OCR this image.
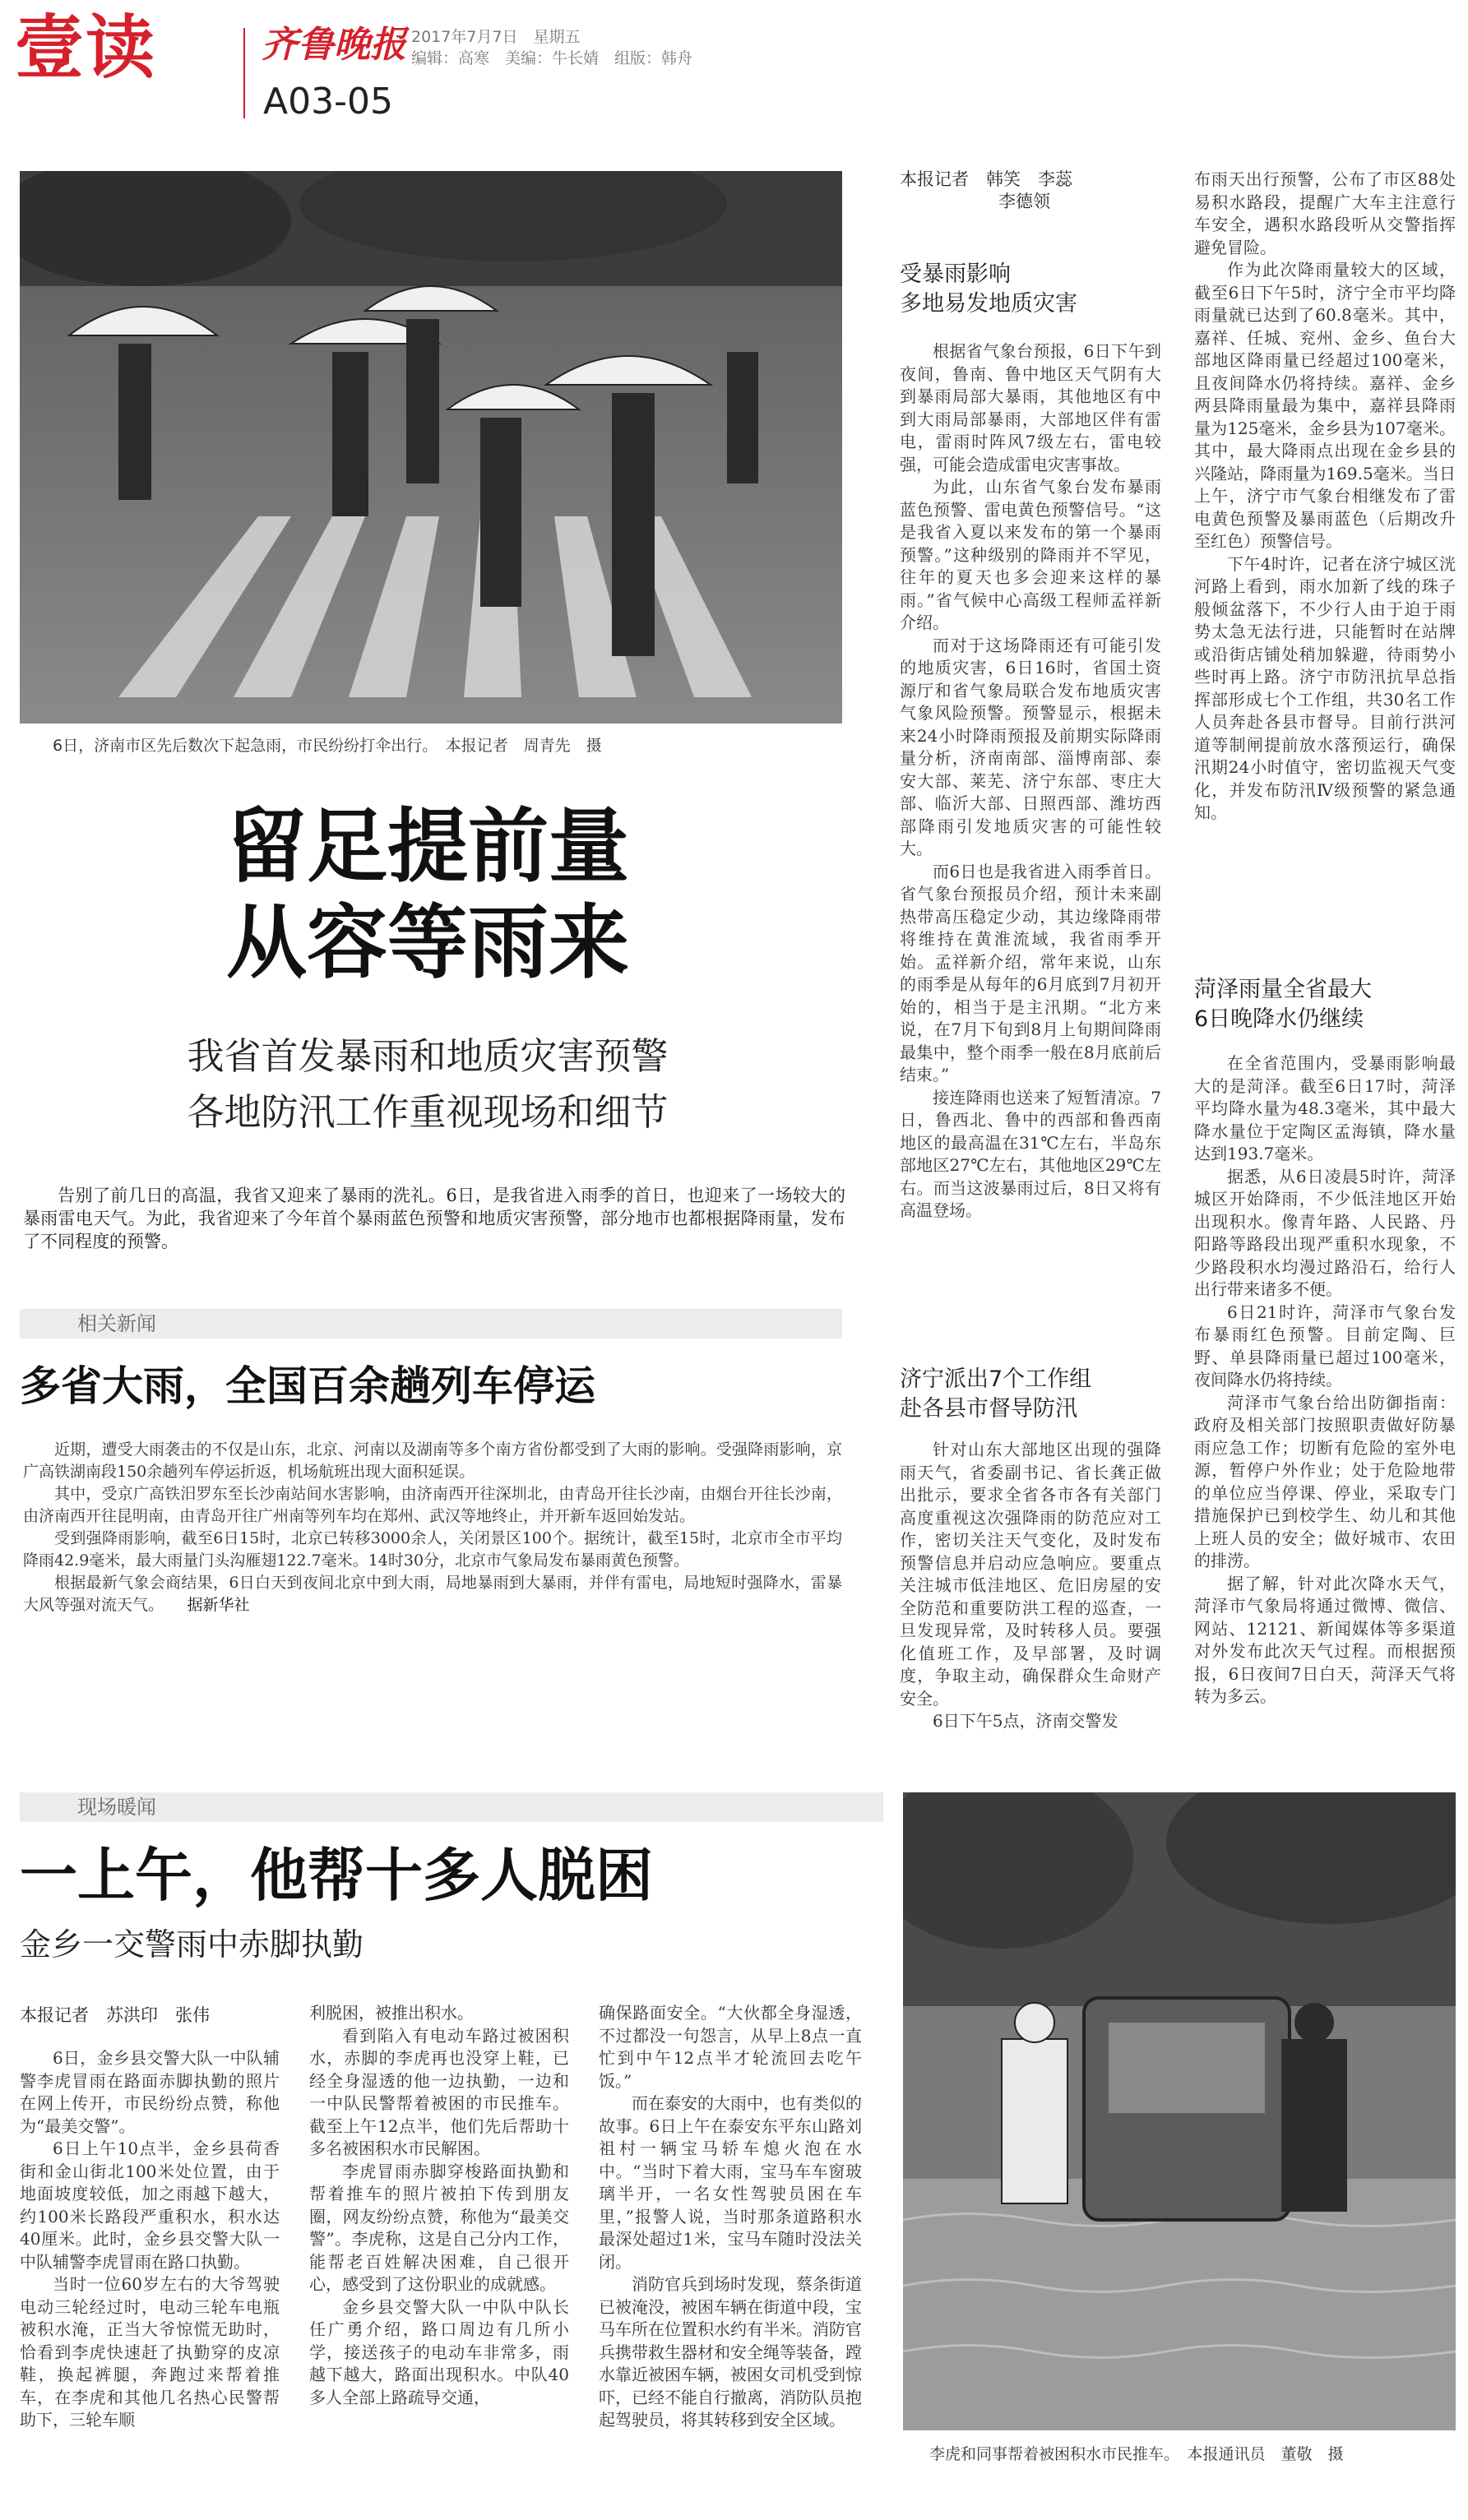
壹读	齐鲁晚报
A03-05
2017年7月7日　星期五
编辑：高寒　美编：牛长婧　组版：韩舟
6日，济南市区先后数次下起急雨，市民纷纷打伞出行。　本报记者　周青先　摄
留足提前量
从容等雨来
我省首发暴雨和地质灾害预警
各地防汛工作重视现场和细节

告别了前几日的高温，我省又迎来了暴雨的洗礼。6日，是我省进入雨季的首日，也迎来了一场较大的暴雨雷电天气。为此，我省迎来了今年首个暴雨蓝色预警和地质灾害预警，部分地市也都根据降雨量，发布了不同程度的预警。

相关新闻
多省大雨，全国百余趟列车停运

近期，遭受大雨袭击的不仅是山东，北京、河南以及湖南等多个南方省份都受到了大雨的影响。受强降雨影响，京广高铁湖南段150余趟列车停运折返，机场航班出现大面积延误。

其中，受京广高铁汨罗东至长沙南站间水害影响，由济南西开往深圳北，由青岛开往长沙南，由烟台开往长沙南，由济南西开往昆明南，由青岛开往广州南等列车均在郑州、武汉等地终止，并开新车返回始发站。

受到强降雨影响，截至6日15时，北京已转移3000余人，关闭景区100个。据统计，截至15时，北京市全市平均降雨42.9毫米，最大雨量门头沟雁翅122.7毫米。14时30分，北京市气象局发布暴雨黄色预警。

根据最新气象会商结果，6日白天到夜间北京中到大雨，局地暴雨到大暴雨，并伴有雷电，局地短时强降水，雷暴大风等强对流天气。　　 据新华社

本报记者　韩笑　李蕊
李德领
受暴雨影响
多地易发地质灾害

根据省气象台预报，6日下午到夜间，鲁南、鲁中地区天气阴有大到暴雨局部大暴雨，其他地区有中到大雨局部暴雨，大部地区伴有雷电，雷雨时阵风7级左右，雷电较强，可能会造成雷电灾害事故。

为此，山东省气象台发布暴雨蓝色预警、雷电黄色预警信号。“这是我省入夏以来发布的第一个暴雨预警。”这种级别的降雨并不罕见，往年的夏天也多会迎来这样的暴雨。”省气候中心高级工程师孟祥新介绍。

而对于这场降雨还有可能引发的地质灾害，6日16时，省国土资源厅和省气象局联合发布地质灾害气象风险预警。预警显示，根据未来24小时降雨预报及前期实际降雨量分析，济南南部、淄博南部、泰安大部、莱芜、济宁东部、枣庄大部、临沂大部、日照西部、潍坊西部降雨引发地质灾害的可能性较大。

而6日也是我省进入雨季首日。省气象台预报员介绍，预计未来副热带高压稳定少动，其边缘降雨带将维持在黄淮流域，我省雨季开始。孟祥新介绍，常年来说，山东的雨季是从每年的6月底到7月初开始的，相当于是主汛期。“北方来说，在7月下旬到8月上旬期间降雨最集中，整个雨季一般在8月底前后结束。”

接连降雨也送来了短暂清凉。7日，鲁西北、鲁中的西部和鲁西南地区的最高温在31℃左右，半岛东部地区27℃左右，其他地区29℃左右。而当这波暴雨过后，8日又将有高温登场。

济宁派出7个工作组
赴各县市督导防汛

针对山东大部地区出现的强降雨天气，省委副书记、省长龚正做出批示，要求全省各市各有关部门高度重视这次强降雨的防范应对工作，密切关注天气变化，及时发布预警信息并启动应急响应。要重点关注城市低洼地区、危旧房屋的安全防范和重要防洪工程的巡查，一旦发现异常，及时转移人员。要强化值班工作，及早部署，及时调度，争取主动，确保群众生命财产安全。

6日下午5点，济南交警发

布雨天出行预警，公布了市区88处易积水路段，提醒广大车主注意行车安全，遇积水路段听从交警指挥避免冒险。

作为此次降雨量较大的区域，截至6日下午5时，济宁全市平均降雨量就已达到了60.8毫米。其中，嘉祥、任城、兖州、金乡、鱼台大部地区降雨量已经超过100毫米，且夜间降水仍将持续。嘉祥、金乡两县降雨量最为集中，嘉祥县降雨量为125毫米，金乡县为107毫米。其中，最大降雨点出现在金乡县的兴隆站，降雨量为169.5毫米。当日上午，济宁市气象台相继发布了雷电黄色预警及暴雨蓝色（后期改升至红色）预警信号。

下午4时许，记者在济宁城区洸河路上看到，雨水加新了线的珠子般倾盆落下，不少行人由于迫于雨势太急无法行进，只能暂时在站牌或沿街店铺处稍加躲避，待雨势小些时再上路。济宁市防汛抗旱总指挥部形成七个工作组，共30名工作人员奔赴各县市督导。目前行洪河道等制闸提前放水落预运行，确保汛期24小时值守，密切监视天气变化，并发布防汛Ⅳ级预警的紧急通知。

菏泽雨量全省最大
6日晚降水仍继续

在全省范围内，受暴雨影响最大的是菏泽。截至6日17时，菏泽平均降水量为48.3毫米，其中最大降水量位于定陶区孟海镇，降水量达到193.7毫米。

据悉，从6日凌晨5时许，菏泽城区开始降雨，不少低洼地区开始出现积水。像青年路、人民路、丹阳路等路段出现严重积水现象，不少路段积水均漫过路沿石，给行人出行带来诸多不便。

6日21时许，菏泽市气象台发布暴雨红色预警。目前定陶、巨野、单县降雨量已超过100毫米，夜间降水仍将持续。

菏泽市气象台给出防御指南：政府及相关部门按照职责做好防暴雨应急工作；切断有危险的室外电源，暂停户外作业；处于危险地带的单位应当停课、停业，采取专门措施保护已到校学生、幼儿和其他上班人员的安全；做好城市、农田的排涝。

据了解，针对此次降水天气，菏泽市气象局将通过微博、微信、网站、12121、新闻媒体等多渠道对外发布此次天气过程。而根据预报，6日夜间7日白天，菏泽天气将转为多云。

现场暖闻
一上午，他帮十多人脱困
金乡一交警雨中赤脚执勤
本报记者　苏洪印　张伟

6日，金乡县交警大队一中队辅警李虎冒雨在路面赤脚执勤的照片在网上传开，市民纷纷点赞，称他为“最美交警”。

6日上午10点半，金乡县荷香街和金山街北100米处位置，由于地面坡度较低，加之雨越下越大，约100米长路段严重积水，积水达40厘米。此时，金乡县交警大队一中队辅警李虎冒雨在路口执勤。

当时一位60岁左右的大爷驾驶电动三轮经过时，电动三轮车电瓶被积水淹，正当大爷惊慌无助时，恰看到李虎快速赶了执勤穿的皮凉鞋，换起裤腿，奔跑过来帮着推车，在李虎和其他几名热心民警帮助下，三轮车顺

利脱困，被推出积水。

看到陷入有电动车路过被困积水，赤脚的李虎再也没穿上鞋，已经全身湿透的他一边执勤，一边和一中队民警帮着被困的市民推车。截至上午12点半，他们先后帮助十多名被困积水市民解困。

李虎冒雨赤脚穿梭路面执勤和帮着推车的照片被拍下传到朋友圈，网友纷纷点赞，称他为“最美交警”。李虎称，这是自己分内工作，能帮老百姓解决困难，自己很开心，感受到了这份职业的成就感。

金乡县交警大队一中队中队长任广勇介绍，路口周边有几所小学，接送孩子的电动车非常多，雨越下越大，路面出现积水。中队40多人全部上路疏导交通，

确保路面安全。“大伙都全身湿透，不过都没一句怨言，从早上8点一直忙到中午12点半才轮流回去吃午饭。”

而在泰安的大雨中，也有类似的故事。6日上午在泰安东平东山路刘祖村一辆宝马轿车熄火泡在水中。“当时下着大雨，宝马车车窗玻璃半开，一名女性驾驶员困在车里，”报警人说，当时那条道路积水最深处超过1米，宝马车随时没法关闭。

消防官兵到场时发现，蔡条街道已被淹没，被困车辆在街道中段，宝马车所在位置积水约有半米。消防官兵携带救生器材和安全绳等装备，蹚水靠近被困车辆，被困女司机受到惊吓，已经不能自行撤离，消防队员抱起驾驶员，将其转移到安全区域。

李虎和同事帮着被困积水市民推车。　本报通讯员　董敬　摄
